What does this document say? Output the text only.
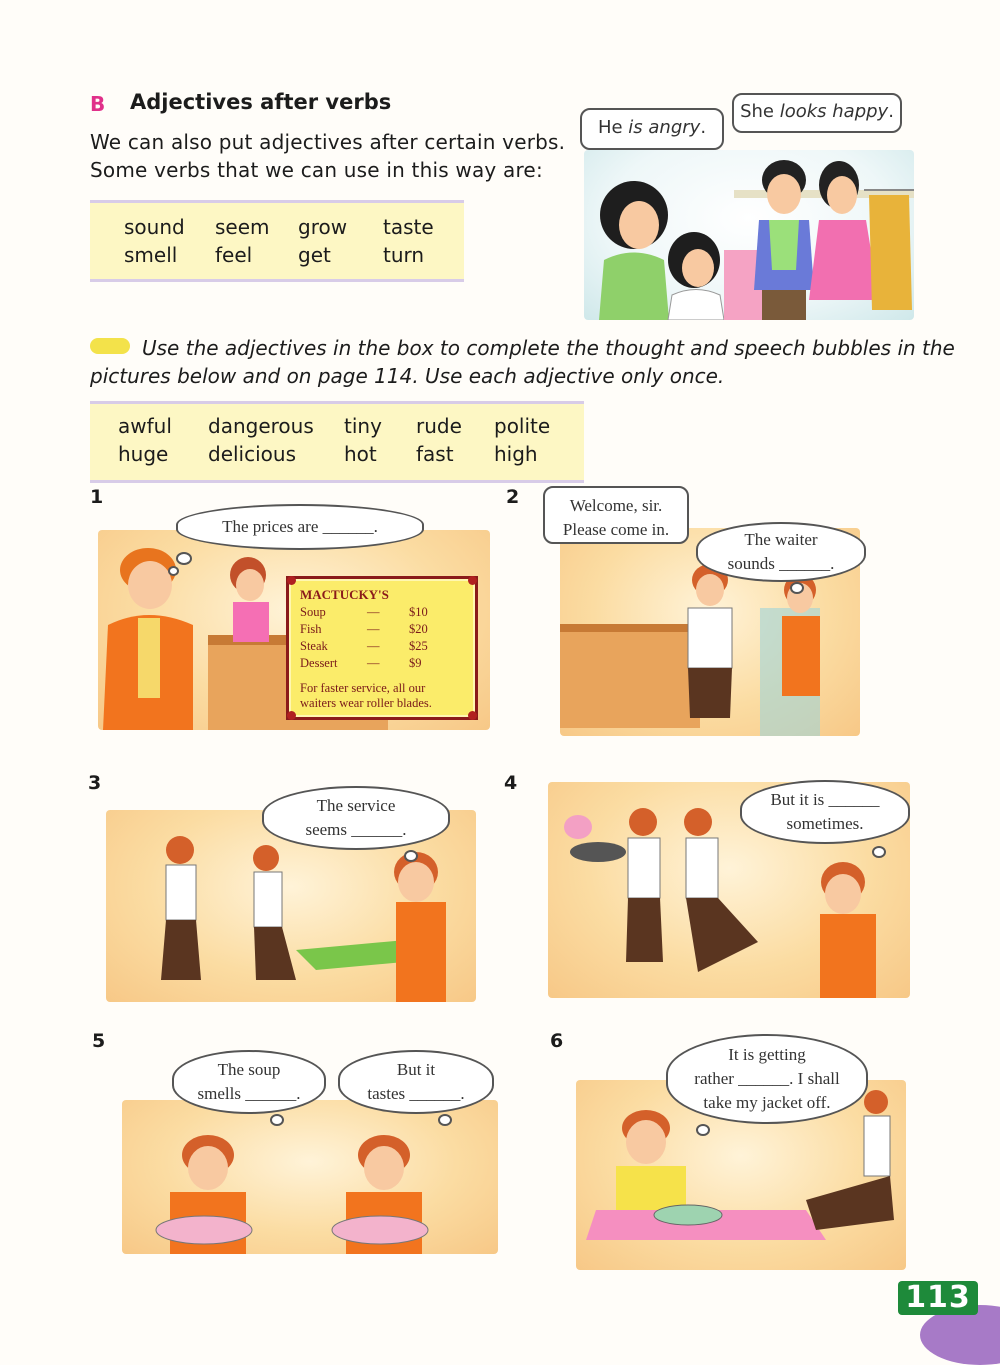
B Adjectives after verbs
We can also put adjectives after certain verbs.
Some verbs that we can use in this way are:
sound seem grow taste
smell feel get	turn
He is angry.
She looks happy.
Use the adjectives in the box to complete the thought and speech bubbles in the
pictures below and on page 114. Use each adjective only once.
awful dangerous tiny rude polite
huge delicious hot fast high
1
The prices are ______.
MACTUCKY'S
Soup	— $10
Fish	— $20
Steak	— $25
Dessert — $9
For faster service, all our
waiters wear roller blades.
2	Welcome, sir.
Please come in.
The waiter
sounds ______.
3
The service
seems ______.
4
But it is ______
sometimes.
5
The soup
smells ______.
But it
tastes ______.
6
It is getting
rather ______. I shall
take my jacket off.
113
